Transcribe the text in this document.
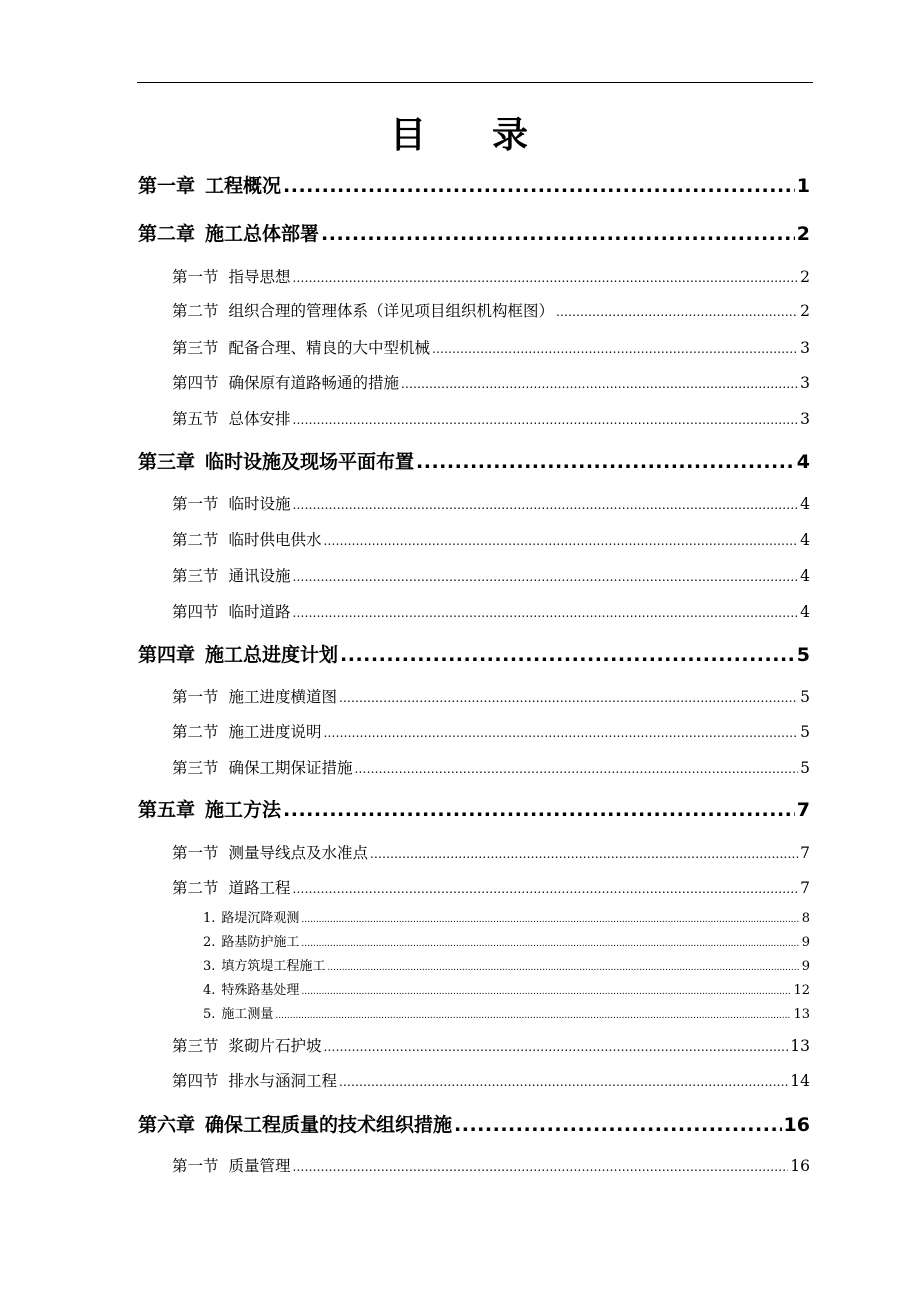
目 录
第一章 工程概况 .....	1
第二章 施工总体部署 .....	2
第一节 指导思想 .....	2
第二节 组织合理的管理体系（详见项目组织机构框图） .....	2
第三节 配备合理、精良的大中型机械 .....	3
第四节 确保原有道路畅通的措施 .....	3
第五节 总体安排 .....	3
第三章 临时设施及现场平面布置 .....	4
第一节 临时设施 .....	4
第二节 临时供电供水 .....	4
第三节 通讯设施 .....	4
第四节 临时道路 .....	4
第四章 施工总进度计划 .....	5
第一节 施工进度横道图 .....	5
第二节 施工进度说明 .....	5
第三节 确保工期保证措施 .....	5
第五章 施工方法 .....	7
第一节 测量导线点及水准点 .....	7
第二节 道路工程 .....	7
1. 路堤沉降观测 .....	8
2. 路基防护施工 .....	9
3. 填方筑堤工程施工 .....	9
4. 特殊路基处理 .....	12
5. 施工测量 .....	13
第三节 浆砌片石护坡 .....	13
第四节 排水与涵洞工程 .....	14
第六章 确保工程质量的技术组织措施 .....	16
第一节 质量管理 .....	16
